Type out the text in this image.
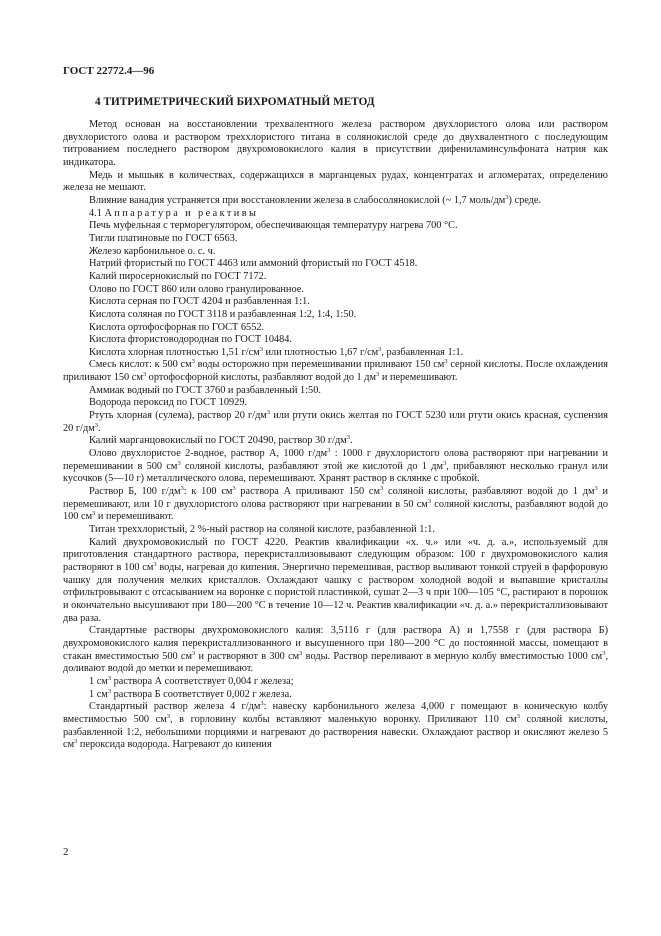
ГОСТ 22772.4—96
4 ТИТРИМЕТРИЧЕСКИЙ БИХРОМАТНЫЙ МЕТОД

Метод основан на восстановлении трехвалентного железа раствором двухлористого олова или раствором двухлористого олова и раствором треххлористого титана в солянокислой среде до двухвалентного с последующим титрованием последнего раствором двухромовокислого калия в присутствии дифениламинсульфоната натрия как индикатора.

Медь и мышьяк в количествах, содержащихся в марганцевых рудах, концентратах и агломератах, определению железа не мешают.

Влияние ванадия устраняется при восстановлении железа в слабосолянокислой (~ 1,7 моль/$дм^3$) среде.

4.1 Аппаратура и реактивы

Печь муфельная с терморегулятором, обеспечивающая температуру нагрева 700 °С.

Тигли платиновые по ГОСТ 6563.

Железо карбонильное о. с. ч.

Натрий фтористый по ГОСТ 4463 или аммоний фтористый по ГОСТ 4518.

Калий пиросернокислый по ГОСТ 7172.

Олово по ГОСТ 860 или олово гранулированное.

Кислота серная по ГОСТ 4204 и разбавленная 1:1.

Кислота соляная по ГОСТ 3118 и разбавленная 1:2, 1:4, 1:50.

Кислота ортофосфорная по ГОСТ 6552.

Кислота фтористоводородная по ГОСТ 10484.

Кислота хлорная плотностью 1,51 $г/см^3$ или плотностью 1,67 $г/см^3$, разбавленная 1:1.

Смесь кислот: к 500 $см^3$ воды осторожно при перемешивании приливают 150 $см^3$ серной кислоты. После охлаждения приливают 150 $см^3$ ортофосфорной кислоты, разбавляют водой до 1 $дм^3$ и перемешивают.

Аммиак водный по ГОСТ 3760 и разбавленный 1:50.

Водорода пероксид по ГОСТ 10929.

Ртуть хлорная (сулема), раствор 20 $г/дм^3$ или ртути окись желтая по ГОСТ 5230 или ртути окись красная, суспензия 20 $г/дм^3$.

Калий марганцовокислый по ГОСТ 20490, раствор 30 $г/дм^3$.

Олово двухлористое 2-водное, раствор А, 1000 $г/дм^3$ : 1000 г двухлористого олова растворяют при нагревании и перемешивании в 500 $см^3$ соляной кислоты, разбавляют этой же кислотой до 1 $дм^3$, прибавляют несколько гранул или кусочков (5—10 г) металлического олова, перемешивают. Хранят раствор в склянке с пробкой.

Раствор Б, 100 $г/дм^3$: к 100 $см^3$ раствора А приливают 150 $см^3$ соляной кислоты, разбавляют водой до 1 $дм^3$ и перемешивают, или 10 г двухлористого олова растворяют при нагревании в 50 $см^3$ соляной кислоты, разбавляют водой до 100 $см^3$ и перемешивают.

Титан треххлористый, 2 %-ный раствор на соляной кислоте, разбавленной 1:1.

Калий двухромовокислый по ГОСТ 4220. Реактив квалификации «х. ч.» или «ч. д. а.», используемый для приготовления стандартного раствора, перекристаллизовывают следующим образом: 100 г двухромовокислого калия растворяют в 100 $см^3$ воды, нагревая до кипения. Энергично перемешивая, раствор выливают тонкой струей в фарфоровую чашку для получения мелких кристаллов. Охлаждают чашку с раствором холодной водой и выпавшие кристаллы отфильтровывают с отсасыванием на воронке с пористой пластинкой, сушат 2—3 ч при 100—105 °С, растирают в порошок и окончательно высушивают при 180—200 °С в течение 10—12 ч. Реактив квалификации «ч. д. а.» перекристаллизовывают два раза.

Стандартные растворы двухромовокислого калия: 3,5116 г (для раствора А) и 1,7558 г (для раствора Б) двухромовокислого калия перекристаллизованного и высушенного при 180—200 °С до постоянной массы, помещают в стакан вместимостью 500 $см^3$ и растворяют в 300 $см^3$ воды. Раствор переливают в мерную колбу вместимостью 1000 $см^3$, доливают водой до метки и перемешивают.

1 $см^3$ раствора А соответствует 0,004 г железа;

1 $см^3$ раствора Б соответствует 0,002 г железа.

Стандартный раствор железа 4 $г/дм^3$: навеску карбонильного железа 4,000 г помещают в коническую колбу вместимостью 500 $см^3$, в горловину колбы вставляют маленькую воронку. Приливают 110 $см^3$ соляной кислоты, разбавленной 1:2, небольшими порциями и нагревают до растворения навески. Охлаждают раствор и окисляют железо 5 $см^3$ пероксида водорода. Нагревают до кипения

2
